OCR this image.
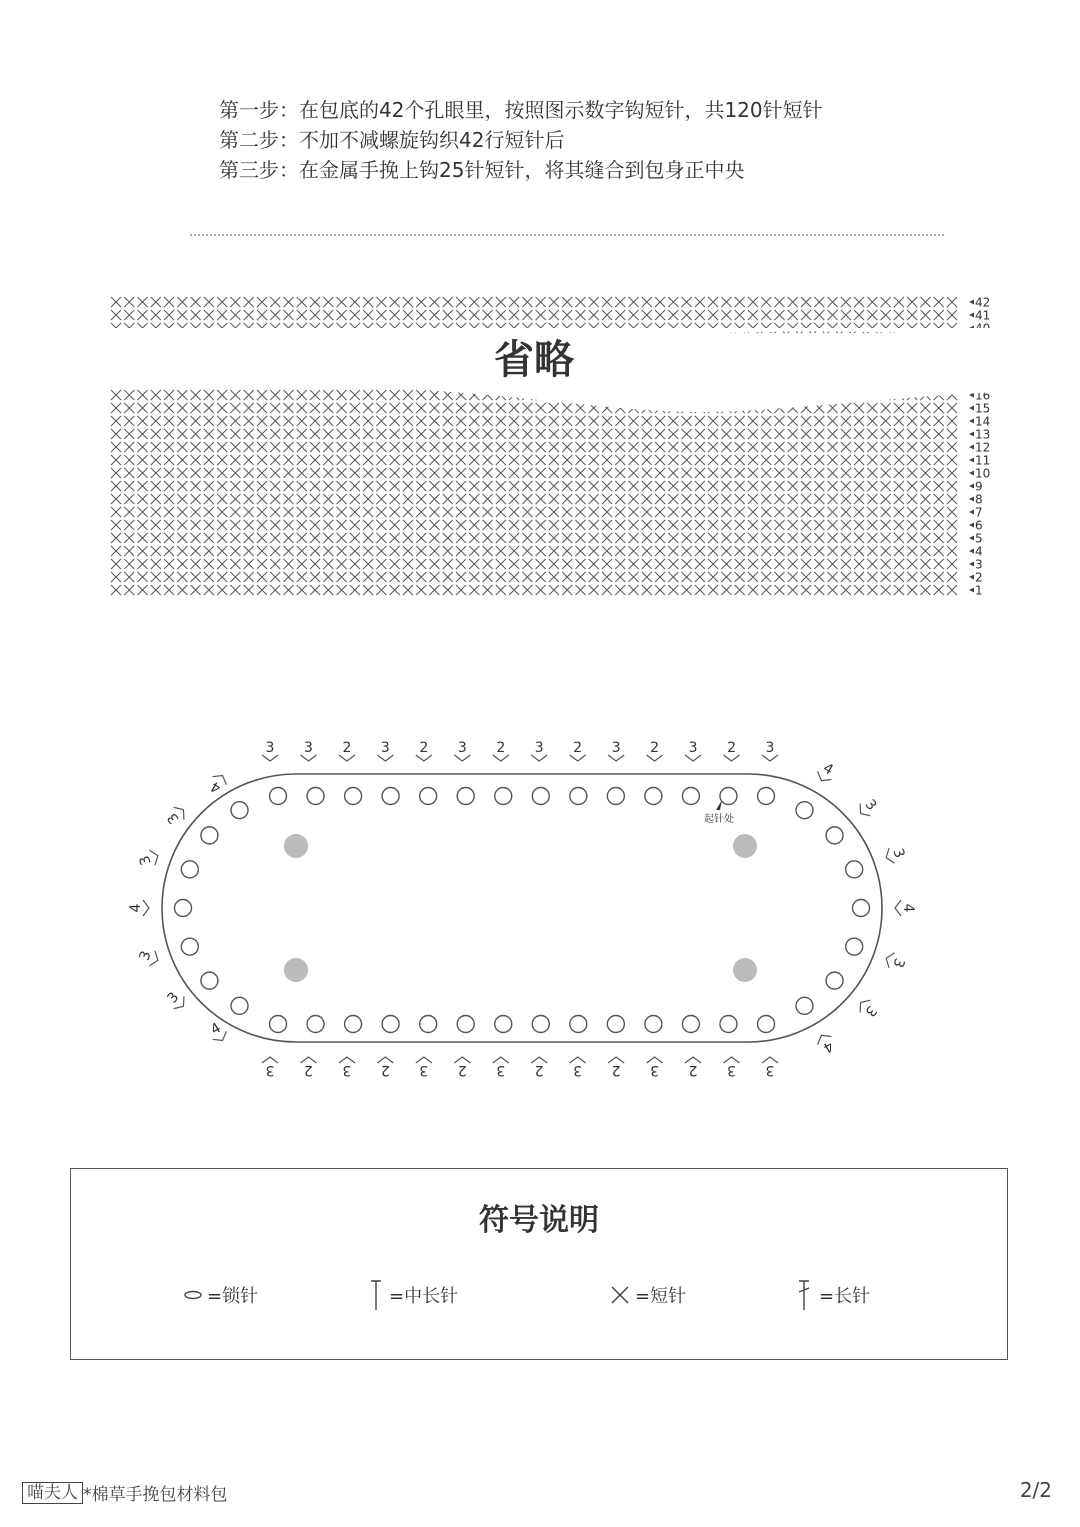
第一步：在包底的42个孔眼里，按照图示数字钩短针，共120针短针
第二步：不加不减螺旋钩织42行短针后
第三步：在金属手挽上钩25针短针，将其缝合到包身正中央
42
41
16
15
14
13
12
11
10
9
8
7
6
5
4
3
2
1
省略
3 3 2 3 2 3 2 3 2 3 2 3 2 3
3 2 3 2 3 2 3 2 3 2 3 2 3 3
4
3
3
4
3
3
4
4
3
3
4
3
3
4
起针处
符号说明
=锁针	=中长针	=短针	=长针
喵夫人 *棉草手挽包材料包	2/2
